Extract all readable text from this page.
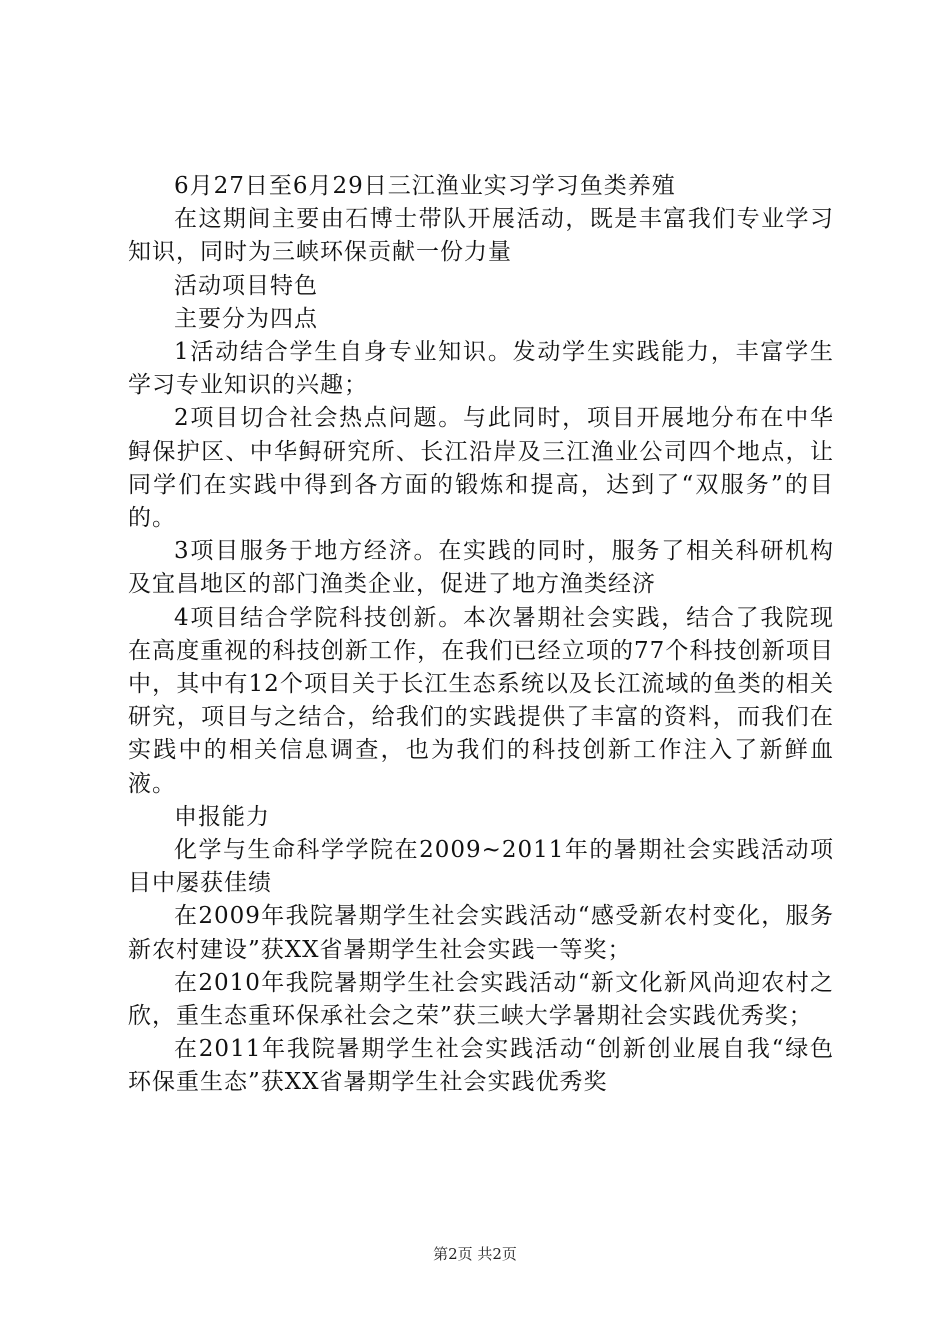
6月27日至6月29日三江渔业实习学习鱼类养殖

在这期间主要由石博士带队开展活动，既是丰富我们专业学习知识，同时为三峡环保贡献一份力量

活动项目特色

主要分为四点

1活动结合学生自身专业知识。发动学生实践能力，丰富学生学习专业知识的兴趣；

2项目切合社会热点问题。与此同时，项目开展地分布在中华鲟保护区、中华鲟研究所、长江沿岸及三江渔业公司四个地点，让同学们在实践中得到各方面的锻炼和提高，达到了“双服务”的目的。

3项目服务于地方经济。在实践的同时，服务了相关科研机构及宜昌地区的部门渔类企业，促进了地方渔类经济

4项目结合学院科技创新。本次暑期社会实践，结合了我院现在高度重视的科技创新工作，在我们已经立项的77个科技创新项目中，其中有12个项目关于长江生态系统以及长江流域的鱼类的相关研究，项目与之结合，给我们的实践提供了丰富的资料，而我们在实践中的相关信息调查，也为我们的科技创新工作注入了新鲜血液。

申报能力

化学与生命科学学院在2009~2011年的暑期社会实践活动项目中屡获佳绩

在2009年我院暑期学生社会实践活动“感受新农村变化，服务新农村建设”获XX省暑期学生社会实践一等奖；

在2010年我院暑期学生社会实践活动“新文化新风尚迎农村之欣，重生态重环保承社会之荣”获三峡大学暑期社会实践优秀奖；

在2011年我院暑期学生社会实践活动“创新创业展自我“绿色环保重生态”获XX省暑期学生社会实践优秀奖

第2页 共2页
